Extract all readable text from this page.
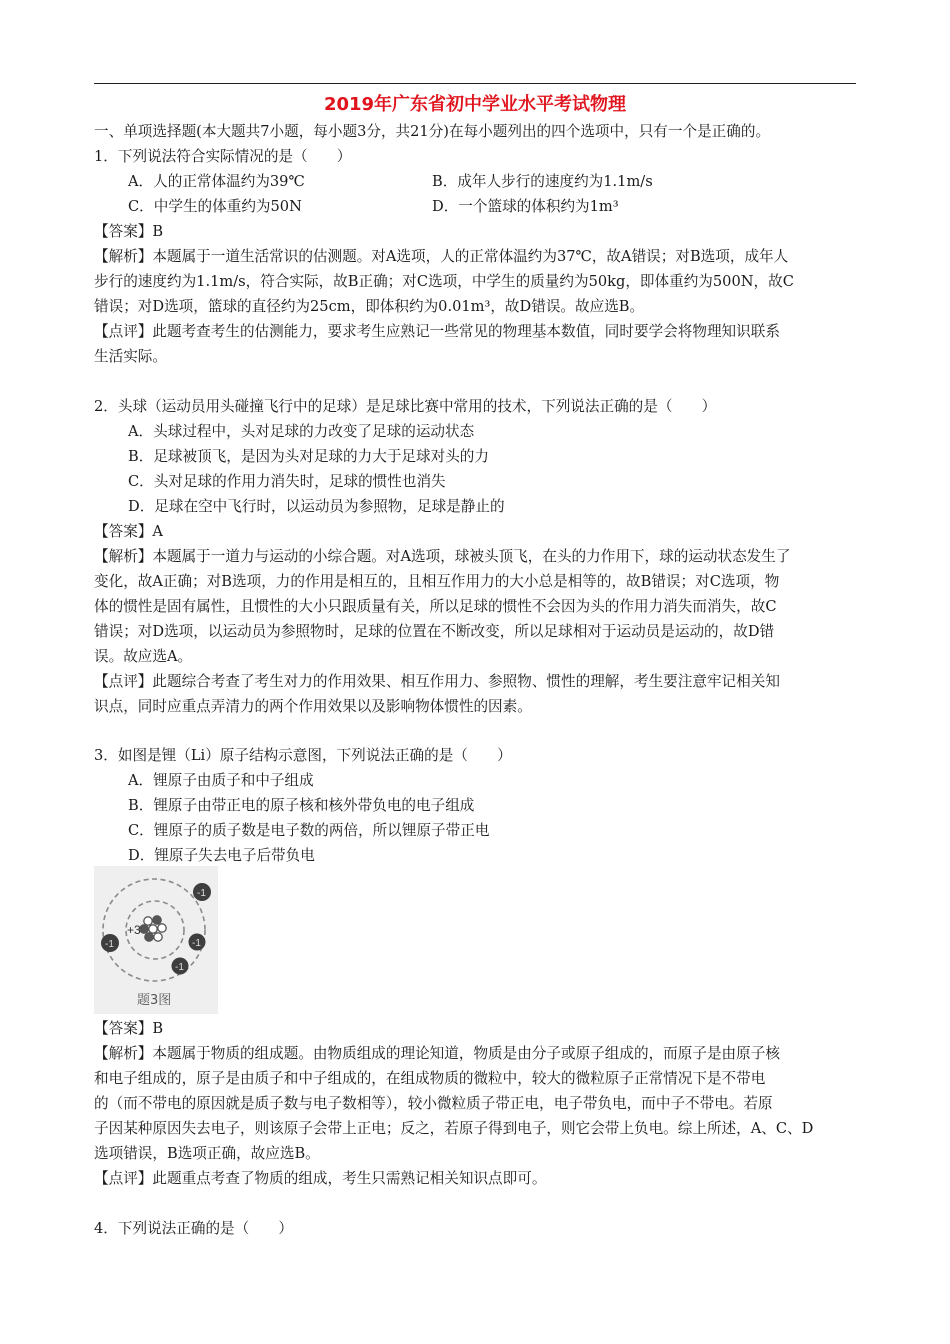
2019年广东省初中学业水平考试物理
一、单项选择题(本大题共7小题，每小题3分，共21分)在每小题列出的四个选项中，只有一个是正确的。
1．下列说法符合实际情况的是（　　）
A．人的正常体温约为39℃	B．成年人步行的速度约为1.1m/s
C．中学生的体重约为50N	D．一个篮球的体积约为1m³
【答案】B
【解析】本题属于一道生活常识的估测题。对A选项，人的正常体温约为37℃，故A错误；对B选项，成年人
步行的速度约为1.1m/s，符合实际，故B正确；对C选项，中学生的质量约为50kg，即体重约为500N，故C
错误；对D选项，篮球的直径约为25cm，即体积约为0.01m³，故D错误。故应选B。
【点评】此题考查考生的估测能力，要求考生应熟记一些常见的物理基本数值，同时要学会将物理知识联系
生活实际。
2．头球（运动员用头碰撞飞行中的足球）是足球比赛中常用的技术，下列说法正确的是（　　）
A．头球过程中，头对足球的力改变了足球的运动状态
B．足球被顶飞，是因为头对足球的力大于足球对头的力
C．头对足球的作用力消失时，足球的惯性也消失
D．足球在空中飞行时，以运动员为参照物，足球是静止的
【答案】A
【解析】本题属于一道力与运动的小综合题。对A选项，球被头顶飞，在头的力作用下，球的运动状态发生了
变化，故A正确；对B选项，力的作用是相互的，且相互作用力的大小总是相等的，故B错误；对C选项，物
体的惯性是固有属性，且惯性的大小只跟质量有关，所以足球的惯性不会因为头的作用力消失而消失，故C
错误；对D选项，以运动员为参照物时，足球的位置在不断改变，所以足球相对于运动员是运动的，故D错
误。故应选A。
【点评】此题综合考查了考生对力的作用效果、相互作用力、参照物、惯性的理解，考生要注意牢记相关知
识点，同时应重点弄清力的两个作用效果以及影响物体惯性的因素。
3．如图是锂（Li）原子结构示意图，下列说法正确的是（　　）
A．锂原子由质子和中子组成
B．锂原子由带正电的原子核和核外带负电的电子组成
C．锂原子的质子数是电子数的两倍，所以锂原子带正电
D．锂原子失去电子后带负电
+3
-1
-1	-1
-1
题3图
【答案】B
【解析】本题属于物质的组成题。由物质组成的理论知道，物质是由分子或原子组成的，而原子是由原子核
和电子组成的，原子是由质子和中子组成的，在组成物质的微粒中，较大的微粒原子正常情况下是不带电
的（而不带电的原因就是质子数与电子数相等），较小微粒质子带正电，电子带负电，而中子不带电。若原
子因某种原因失去电子，则该原子会带上正电；反之，若原子得到电子，则它会带上负电。综上所述，A、C、D
选项错误，B选项正确，故应选B。
【点评】此题重点考查了物质的组成，考生只需熟记相关知识点即可。
4．下列说法正确的是（　　）
